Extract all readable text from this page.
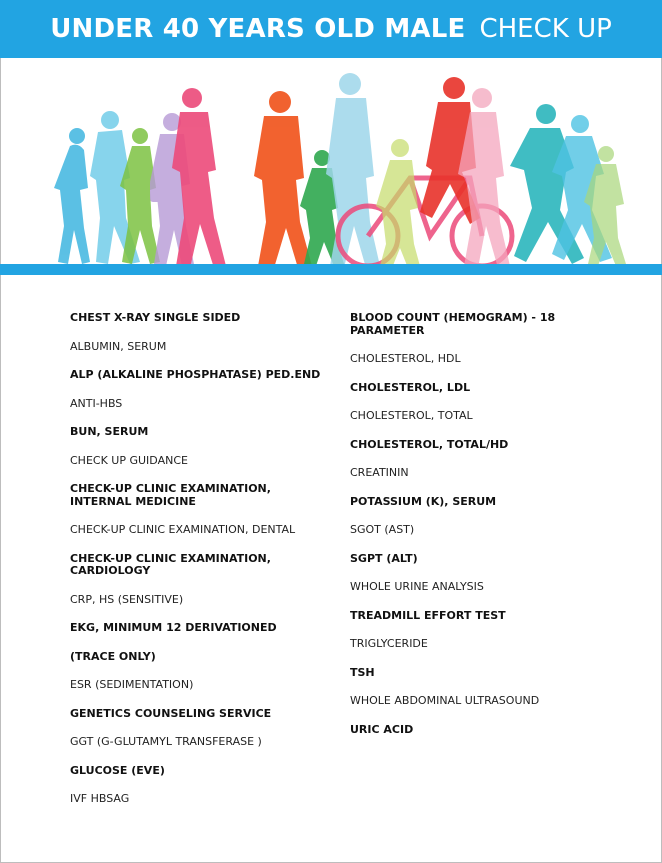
UNDER 40 YEARS OLD MALE CHECK UP

CHEST X-RAY SINGLE SIDED

ALBUMIN, SERUM

ALP (ALKALINE PHOSPHATASE) PED.END

ANTI-HBS

BUN, SERUM

CHECK UP GUIDANCE

CHECK-UP CLINIC EXAMINATION, INTERNAL MEDICINE

CHECK-UP CLINIC EXAMINATION, DENTAL

CHECK-UP CLINIC EXAMINATION, CARDIOLOGY

CRP, HS (SENSITIVE)

EKG, MINIMUM 12 DERIVATIONED

(TRACE ONLY)

ESR (SEDIMENTATION)

GENETICS COUNSELING SERVICE

GGT (G-GLUTAMYL TRANSFERASE )

GLUCOSE (EVE)

IVF HBSAG

BLOOD COUNT (HEMOGRAM) - 18 PARAMETER

CHOLESTEROL, HDL

CHOLESTEROL, LDL

CHOLESTEROL, TOTAL

CHOLESTEROL, TOTAL/HD

CREATININ

POTASSIUM (K), SERUM

SGOT (AST)

SGPT (ALT)

WHOLE URINE ANALYSIS

TREADMILL EFFORT TEST

TRIGLYCERIDE

TSH

WHOLE ABDOMINAL ULTRASOUND

URIC ACID
